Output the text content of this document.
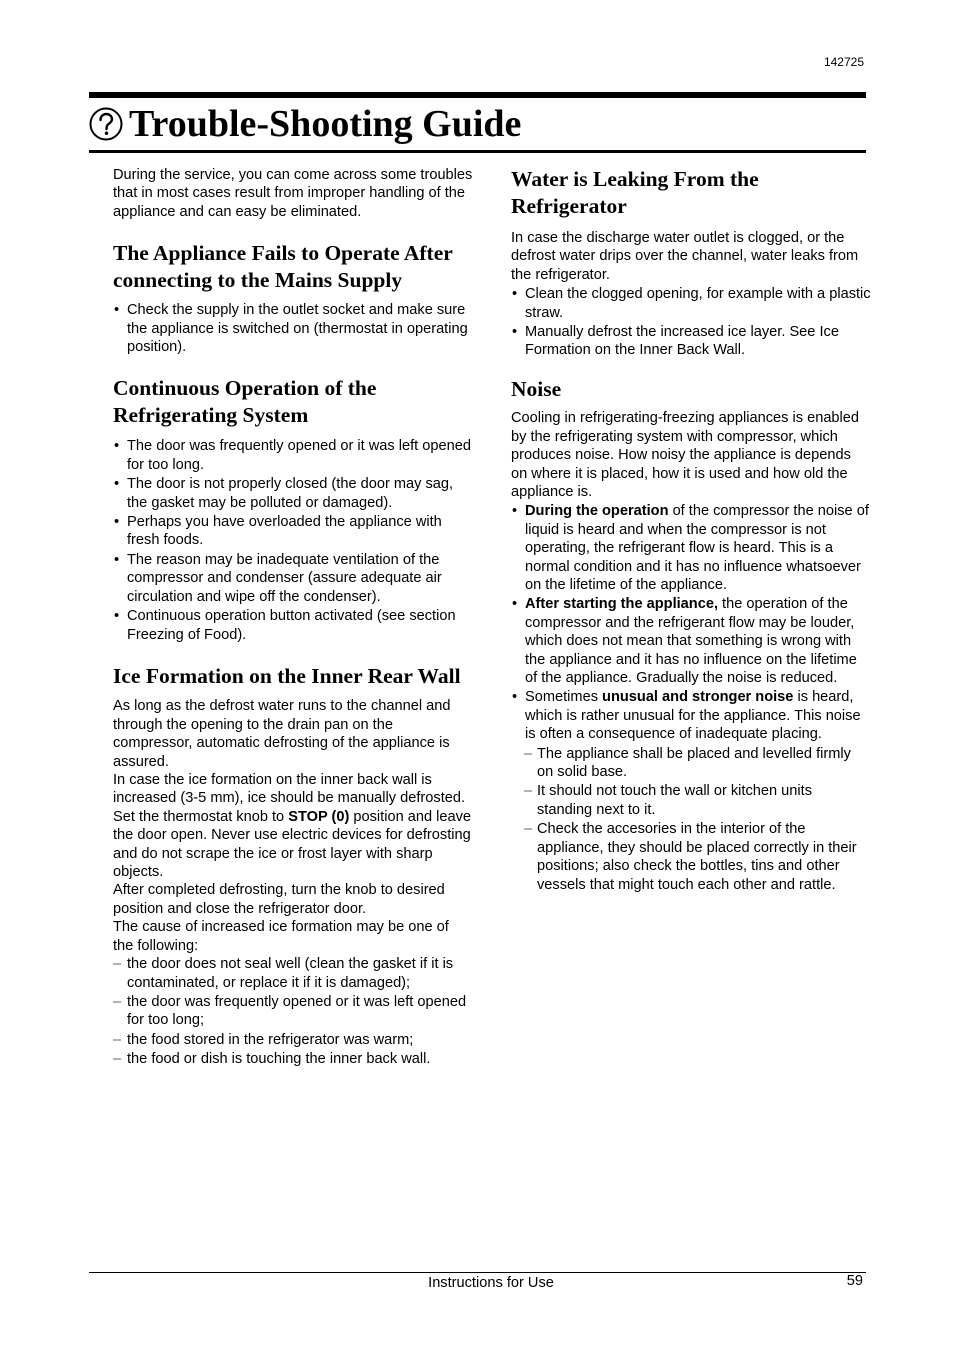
142725
Trouble-Shooting Guide

During the service, you can come across some troubles that in most cases result from improper handling of the appliance and can easy be eliminated.

The Appliance Fails to Operate After connecting to the Mains Supply
• Check the supply in the outlet socket and make sure the appliance is switched on (thermostat in operating position).
Continuous Operation of the Refrigerating System
• The door was frequently opened or it was left opened for too long.
• The door is not properly closed (the door may sag, the gasket may be polluted or damaged).
• Perhaps you have overloaded the appliance with fresh foods.
• The reason may be inadequate ventilation of the compressor and condenser (assure adequate air circulation and wipe off the condenser).
• Continuous operation button activated (see section Freezing of Food).
Ice Formation on the Inner Rear Wall

As long as the defrost water runs to the channel and through the opening to the drain pan on the compressor, automatic defrosting of the appliance is assured.

In case the ice formation on the inner back wall is increased (3-5 mm), ice should be manually defrosted.

Set the thermostat knob to STOP (0) position and leave the door open. Never use electric devices for defrosting and do not scrape the ice or frost layer with sharp objects.

After completed defrosting, turn the knob to desired position and close the refrigerator door.

The cause of increased ice formation may be one of the following:

– the door does not seal well (clean the gasket if it is contaminated, or replace it if it is damaged);
– the door was frequently opened or it was left opened for too long;
– the food stored in the refrigerator was warm;
– the food or dish is touching the inner back wall.
Water is Leaking From the Refrigerator

In case the discharge water outlet is clogged, or the defrost water drips over the channel, water leaks from the refrigerator.

• Clean the clogged opening, for example with a plastic straw.
• Manually defrost the increased ice layer. See Ice Formation on the Inner Back Wall.
Noise

Cooling in refrigerating-freezing appliances is enabled by the refrigerating system with compressor, which produces noise. How noisy the appliance is depends on where it is placed, how it is used and how old the appliance is.

• During the operation of the compressor the noise of liquid is heard and when the compressor is not operating, the refrigerant flow is heard. This is a normal condition and it has no influence whatsoever on the lifetime of the appliance.
• After starting the appliance, the operation of the compressor and the refrigerant flow may be louder, which does not mean that something is wrong with the appliance and it has no influence on the lifetime of the appliance. Gradually the noise is reduced.
• Sometimes unusual and stronger noise is heard, which is rather unusual for the appliance. This noise is often a consequence of inadequate placing.
– The appliance shall be placed and levelled firmly on solid base.
– It should not touch the wall or kitchen units standing next to it.
– Check the accesories in the interior of the appliance, they should be placed correctly in their positions; also check the bottles, tins and other vessels that might touch each other and rattle.
Instructions for Use	59
